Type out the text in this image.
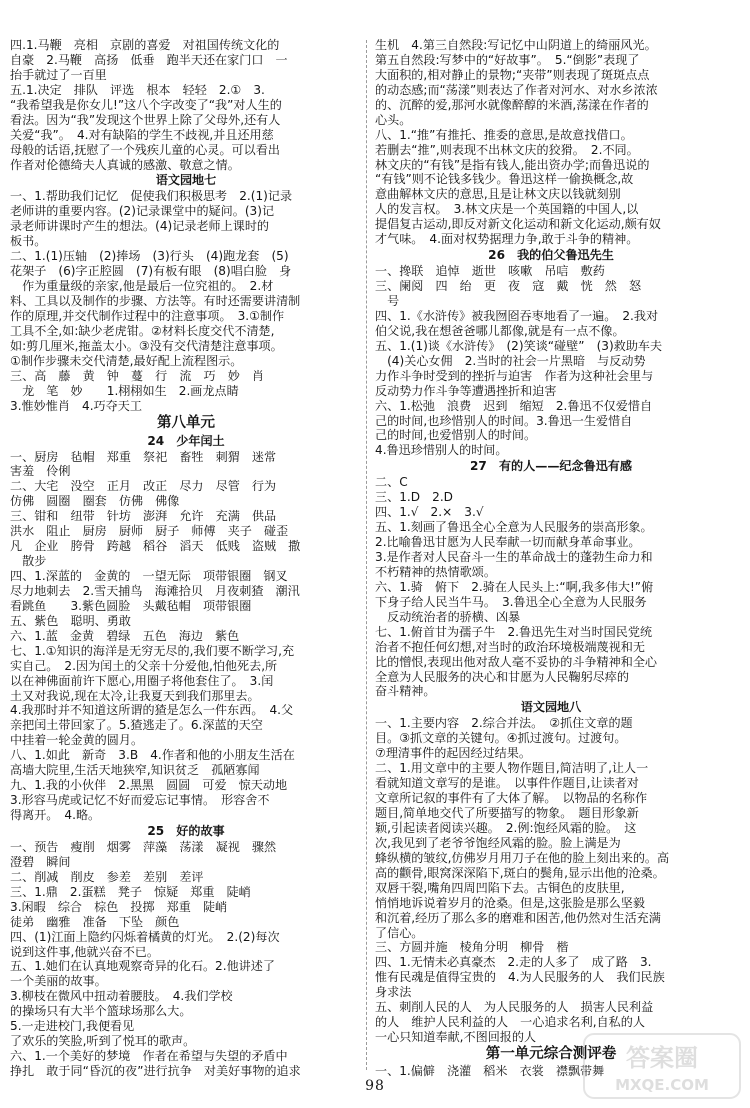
四.1.马鞭　亮相　京剧的喜爱　对祖国传统文化的
自豪　2.马鞭　高扬　低垂　跑半天还在家门口　一
抬手就过了一百里
五.1.决定　排队　评选　根本　轻轻　2.①　3.
“我希望我是你女儿!”这八个字改变了“我”对人生的
看法。因为“我”发现这个世界上除了父母外,还有人
关爱“我”。　4.对有缺陷的学生不歧视,并且还用慈
母般的话语,抚慰了一个残疾儿童的心灵。可以看出
作者对伦德绮夫人真诚的感激、敬意之情。
语文园地七
一、1.帮助我们记忆　促使我们积极思考　2.(1)记录
老师讲的重要内容。(2)记录课堂中的疑问。(3)记
录老师讲课时产生的想法。(4)记录老师上课时的
板书。
二、1.(1)压轴　(2)捧场　(3)行头　(4)跑龙套　(5)
花架子　(6)字正腔圆　(7)有板有眼　(8)唱白脸　身
　作为重量级的亲家,他是最后一位究祖的。　2.材
料、工具以及制作的步骤、方法等。有时还需要讲清制
作的原理,并交代制作过程中的注意事项。　3.①制作
工具不全,如:缺少老虎钳。②材料长度交代不清楚,
如:剪几厘米,拖盖太小。③没有交代清楚注意事项。
①制作步骤未交代清楚,最好配上流程图示。
三、高　藤　黄　钟　蔓　行　流　巧　妙　肖
　龙　笔　妙　　1.栩栩如生　2.画龙点睛
3.惟妙惟肖　4.巧夺天工
第八单元
24　少年闰土
一、厨房　毡帽　郑重　祭祀　畜牲　刺猬　迷常
害羞　伶俐
二、大宅　没空　正月　改正　尽力　尽管　行为
仿佛　圆圈　圈套　仿佛　佛像
三、钳和　纽带　针坊　澎湃　允许　充满　供品
洪水　阻止　厨房　厨师　厨子　师傅　夹子　碰歪
凡　企业　胯骨　跨越　稻谷　滔天　低贱　盗贼　撒
　散步
四、1.深蓝的　金黄的　一望无际　项带银圈　钢叉
尽力地刺去　2.雪天捕鸟　海滩拾贝　月夜刺猹　潮汛
看跳鱼　　3.紫色圆脸　头戴毡帽　项带银圈
五、紫色　聪明、勇敢
六、1.蓝　金黄　碧绿　五色　海边　紫色
七、1.①知识的海洋是无穷无尽的,我们要不断学习,充
实自己。　2.因为闰土的父亲十分爱他,怕他死去,所
以在神佛面前许下愿心,用圈子将他套住了。　3.闰
土又对我说,现在太冷,让我夏天到我们那里去。
4.我那时并不知道这所谓的猹是怎么一件东西。　4.父
亲把闰土带回家了。5.猹逃走了。6.深蓝的天空
中挂着一轮金黄的圆月。
八、1.如此　新奇　3.B　4.作者和他的小朋友生活在
高墙大院里,生活天地狭窄,知识贫乏　孤陋寡闻
九、1.我的小伙伴　2.黑黑　圆圆　可爱　惊天动地
3.形容马虎或记忆不好而爱忘记事情。　形容舍不
得离开。　4.略。
25　好的故事
一、预告　瘦削　烟雾　萍藻　荡漾　凝视　骤然
澄碧　瞬间
二、削减　削皮　参差　差别　差评
三、1.鼎　2.蛋糕　凳子　惊疑　郑重　陡峭
3.闲暇　综合　棕色　投掷　郑重　陡峭
徒弟　幽雅　准备　下坠　颜色
四、(1)江面上隐约闪烁着橘黄的灯光。　2.(2)每次
说到这件事,他就兴奋不已。
五、1.她们在认真地观察奇异的化石。2.他讲述了
一个美丽的故事。
3.柳枝在微风中扭动着腰肢。　4.我们学校
的操场只有大半个篮球场那么大。
5.一走进校门,我便看见
了欢乐的笑脸,听到了悦耳的歌声。
六、1.一个美好的梦境　作者在希望与失望的矛盾中
挣扎　敢于同“昏沉的夜”进行抗争　对美好事物的追求
生机　4.第三自然段:写记忆中山阴道上的绮丽风光。
第五自然段:写梦中的“好故事”。　5.“倒影”表现了
大面积的,相对静止的景物;“夹带”则表现了斑斑点点
的动态感;而“荡漾”则表达了作者对河水、对水乡浓浓
的、沉醉的爱,那河水就像醉醇的米酒,荡漾在作者的
心头。
八、1.“推”有推托、推委的意思,是故意找借口。
若删去“推”,则表现不出林文庆的狡猾。　2.不同。
林文庆的“有钱”是指有钱人,能出资办学;而鲁迅说的
“有钱”则不论钱多钱少。鲁迅这样一偷换概念,故
意曲解林文庆的意思,且是让林文庆以钱就刻别
人的发言权。　3.林文庆是一个英国籍的中国人,以
提倡复古运动,即反对新文化运动和新文化运动,颇有奴
才气味。　4.面对权势据理力争,敢于斗争的精神。
26　我的伯父鲁迅先生
一、搀联　追悼　逝世　咳嗽　吊唁　敷药
三、阑阅　四　绐　更　夜　寇　戴　恍　然　怒
　号
四、1.《水浒传》被我囫囵吞枣地看了一遍。　2.我对
伯父说,我在想爸爸哪儿都像,就是有一点不像。
五、1.(1)谈《水浒传》　(2)笑谈“碰壁”　(3)救助车夫
　(4)关心女佣　2.当时的社会一片黑暗　与反动势
力作斗争时受到的挫折与迫害　作者为这种社会里与
反动势力作斗争等遭遇挫折和迫害
六、1.松弛　浪费　迟到　缩短　2.鲁迅不仅爱惜自
己的时间,也珍惜别人的时间。3.鲁迅一生爱惜自
己的时间,也爱惜别人的时间。
4.鲁迅珍惜别人的时间。
27　有的人——纪念鲁迅有感
二、C
三、1.D　2.D
四、1.√　2.×　3.√
五、1.刻画了鲁迅全心全意为人民服务的崇高形象。
2.比喻鲁迅甘愿为人民奉献一切而献身革命事业。
3.是作者对人民奋斗一生的革命战士的蓬勃生命力和
不朽精神的热情歌颂。
六、1.骑　俯下　2.骑在人民头上:“啊,我多伟大!”俯
下身子给人民当牛马。　3.鲁迅全心全意为人民服务
　反动统治者的骄横、凶暴
七、1.俯首甘为孺子牛　2.鲁迅先生对当时国民党统
治者不抱任何幻想,对当时的政治环境极端蔑视和无
比的憎恨,表现出他对敌人毫不妥协的斗争精神和全心
全意为人民服务的决心和甘愿为人民鞠躬尽瘁的
奋斗精神。
语文园地八
一、1.主要内容　2.综合并法。　②抓住文章的题
目。③抓文章的关键句。④抓过渡句。过渡句。
⑦理清事件的起因经过结果。
二、1.用文章中的主要人物作题目,简洁明了,让人一
看就知道文章写的是谁。　以事件作题目,让读者对
文章所记叙的事件有了大体了解。　以物品的名称作
题目,简单地交代了所要描写的物象。　题目形象新
颖,引起读者阅读兴趣。　2.例:饱经风霜的脸。　这
次,我见到了老爷爷饱经风霜的脸。脸上满是为
蜂纵横的皱纹,仿佛岁月用刀子在他的脸上刻出来的。高
高的颧骨,眼窝深深陷下,斑白的鬓角,显示出他的沧桑。
双唇干裂,嘴角四周凹陷下去。古铜色的皮肤里,
悄悄地诉说着岁月的沧桑。但是,这张脸是那么坚毅
和沉着,经历了那么多的磨难和困苦,他仍然对生活充满
了信心。
三、方圆并施　棱角分明　柳骨　楷
四、1.无情未必真豪杰　2.走的人多了　成了路　3.
惟有民魂是值得宝贵的　4.为人民服务的人　我们民族
身求法
五、刺削人民的人　为人民服务的人　损害人民利益
的人　维护人民利益的人　一心追求名利,自私的人
一心只知道奉献,不图回报的人
第一单元综合测评卷
一、1.偏僻　浇灌　稻米　衣裳　襟飘带舞
98
答案圈
MXQE.COM
